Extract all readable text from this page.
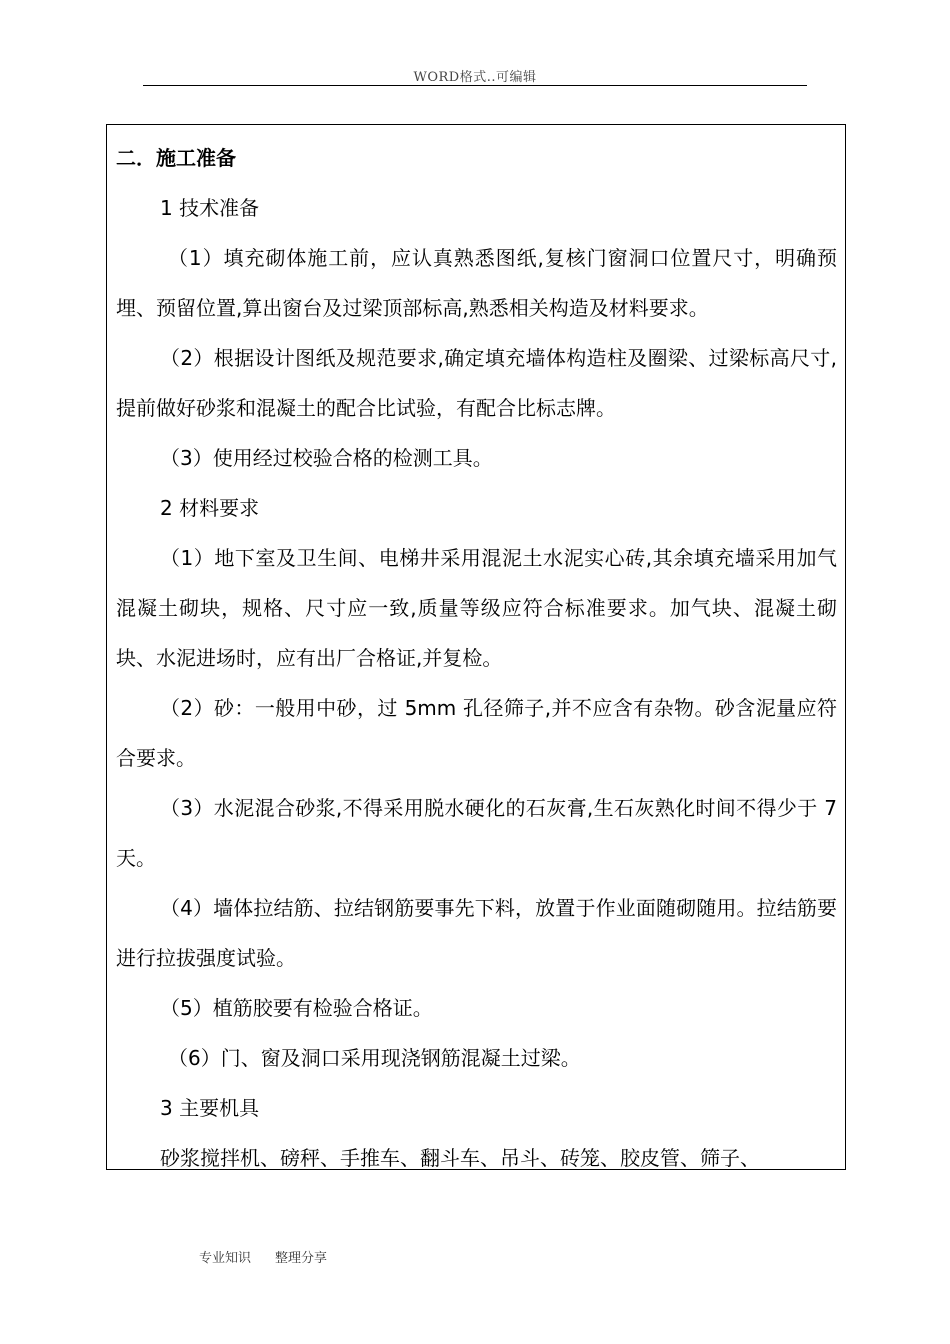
WORD格式..可编辑

二．施工准备

1 技术准备

（1）填充砌体施工前，应认真熟悉图纸,复核门窗洞口位置尺寸，明确预埋、预留位置,算出窗台及过梁顶部标高,熟悉相关构造及材料要求。

（2）根据设计图纸及规范要求,确定填充墙体构造柱及圈梁、过梁标高尺寸,提前做好砂浆和混凝土的配合比试验，有配合比标志牌。

（3）使用经过校验合格的检测工具。

2 材料要求

（1）地下室及卫生间、电梯井采用混泥土水泥实心砖,其余填充墙采用加气混凝土砌块，规格、尺寸应一致,质量等级应符合标准要求。加气块、混凝土砌块、水泥进场时，应有出厂合格证,并复检。

（2）砂：一般用中砂，过 5mm 孔径筛子,并不应含有杂物。砂含泥量应符合要求。

（3）水泥混合砂浆,不得采用脱水硬化的石灰膏,生石灰熟化时间不得少于 7 天。

（4）墙体拉结筋、拉结钢筋要事先下料，放置于作业面随砌随用。拉结筋要进行拉拔强度试验。

（5）植筋胶要有检验合格证。

（6）门、窗及洞口采用现浇钢筋混凝土过梁。

3 主要机具

砂浆搅拌机、磅秤、手推车、翻斗车、吊斗、砖笼、胶皮管、筛子、

专业知识 整理分享
